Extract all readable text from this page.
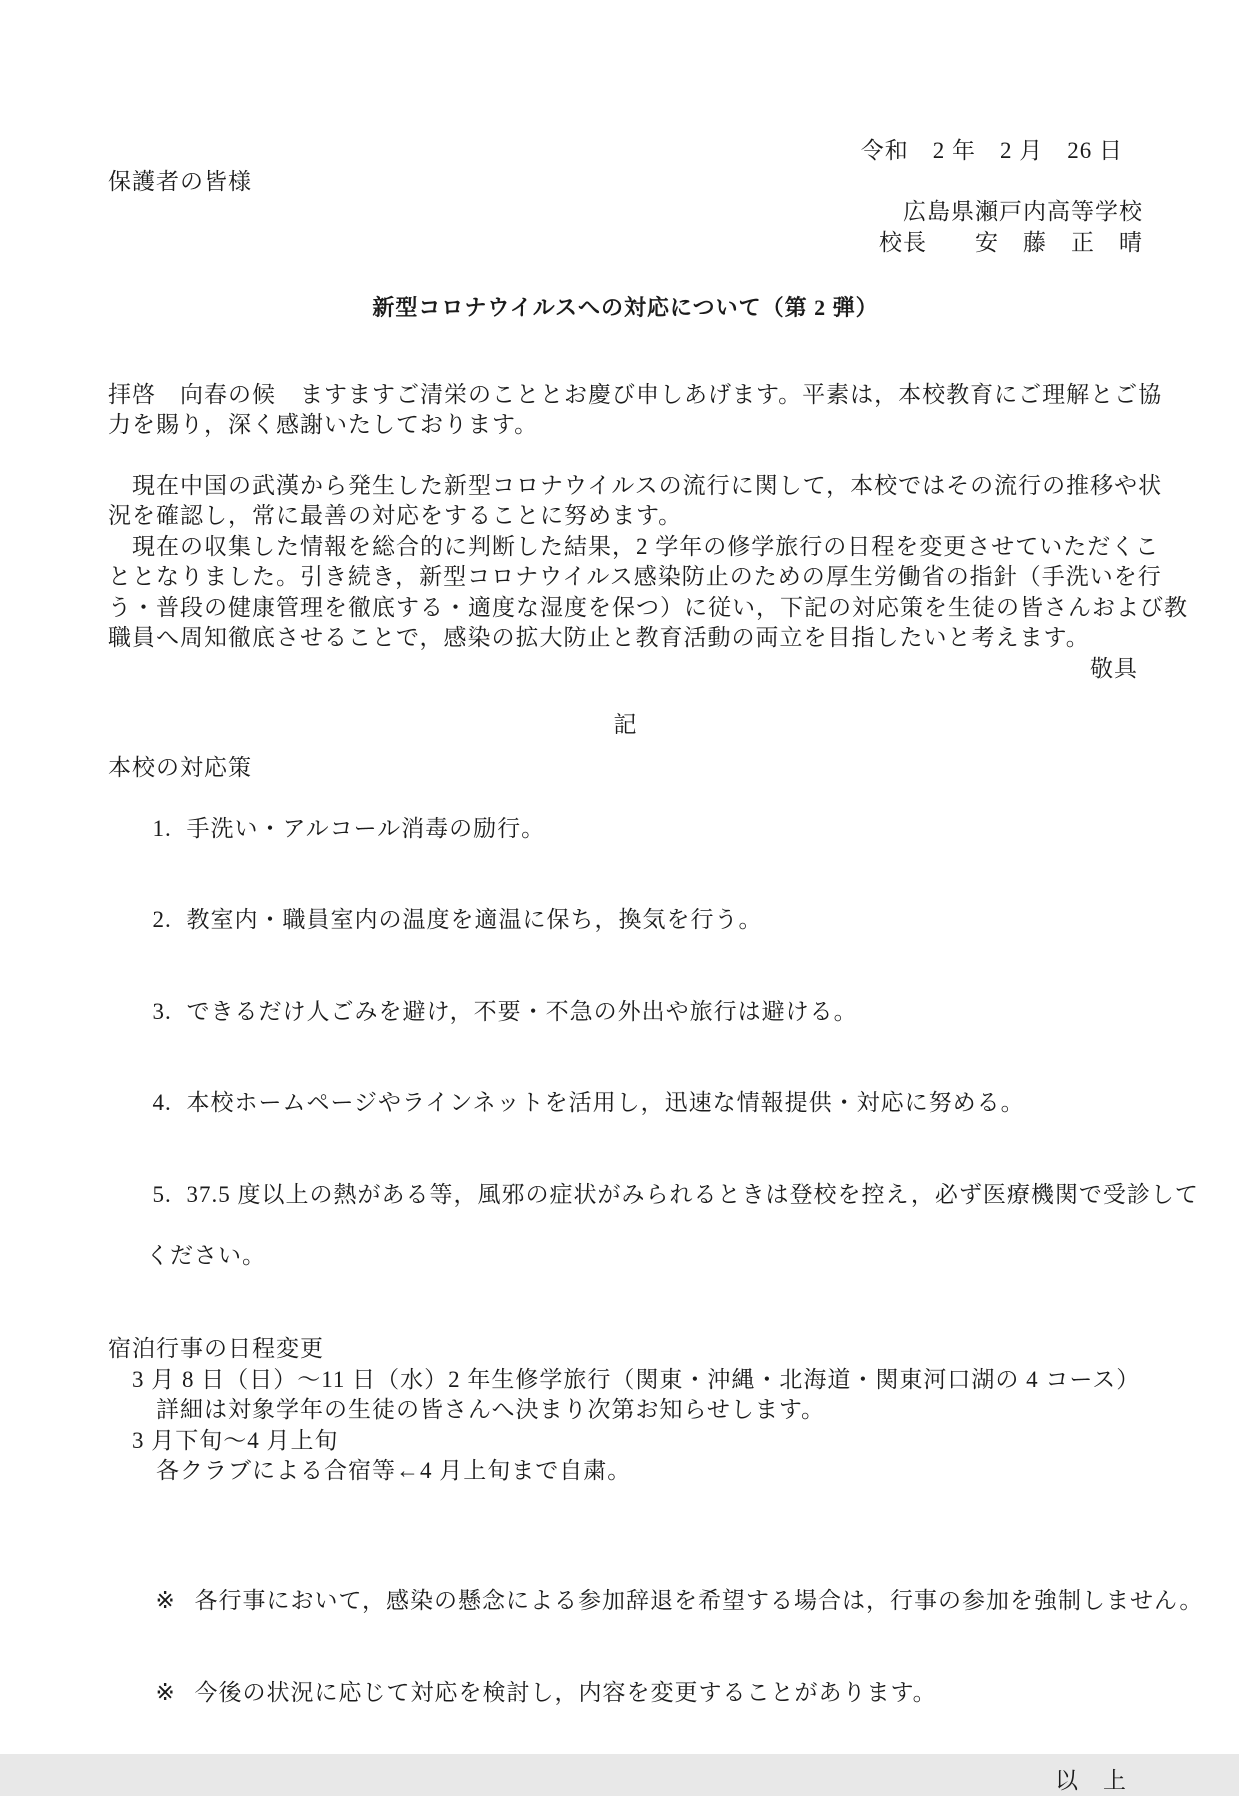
令和　2 年　2 月　26 日
保護者の皆様
広島県瀬戸内高等学校
校長　　安　藤　正　晴
新型コロナウイルスへの対応について（第 2 弾）
拝啓　向春の候　ますますご清栄のこととお慶び申しあげます。平素は，本校教育にご理解とご協
力を賜り，深く感謝いたしております。
　現在中国の武漢から発生した新型コロナウイルスの流行に関して，本校ではその流行の推移や状
況を確認し，常に最善の対応をすることに努めます。
　現在の収集した情報を総合的に判断した結果，2 学年の修学旅行の日程を変更させていただくこ
ととなりました。引き続き，新型コロナウイルス感染防止のための厚生労働省の指針（手洗いを行
う・普段の健康管理を徹底する・適度な湿度を保つ）に従い，下記の対応策を生徒の皆さんおよび教
職員へ周知徹底させることで，感染の拡大防止と教育活動の両立を目指したいと考えます。
敬具
記
本校の対応策

1. 手洗い・アルコール消毒の励行。

2. 教室内・職員室内の温度を適温に保ち，換気を行う。

3. できるだけ人ごみを避け，不要・不急の外出や旅行は避ける。

4. 本校ホームページやラインネットを活用し，迅速な情報提供・対応に努める。

5. 37.5 度以上の熱がある等，風邪の症状がみられるときは登校を控え，必ず医療機関で受診して

ください。
宿泊行事の日程変更
3 月 8 日（日）～11 日（水）2 年生修学旅行（関東・沖縄・北海道・関東河口湖の 4 コース）
詳細は対象学年の生徒の皆さんへ決まり次第お知らせします。
3 月下旬～4 月上旬
各クラブによる合宿等←4 月上旬まで自粛。

※ 各行事において，感染の懸念による参加辞退を希望する場合は，行事の参加を強制しません。

※ 今後の状況に応じて対応を検討し，内容を変更することがあります。

以　上
